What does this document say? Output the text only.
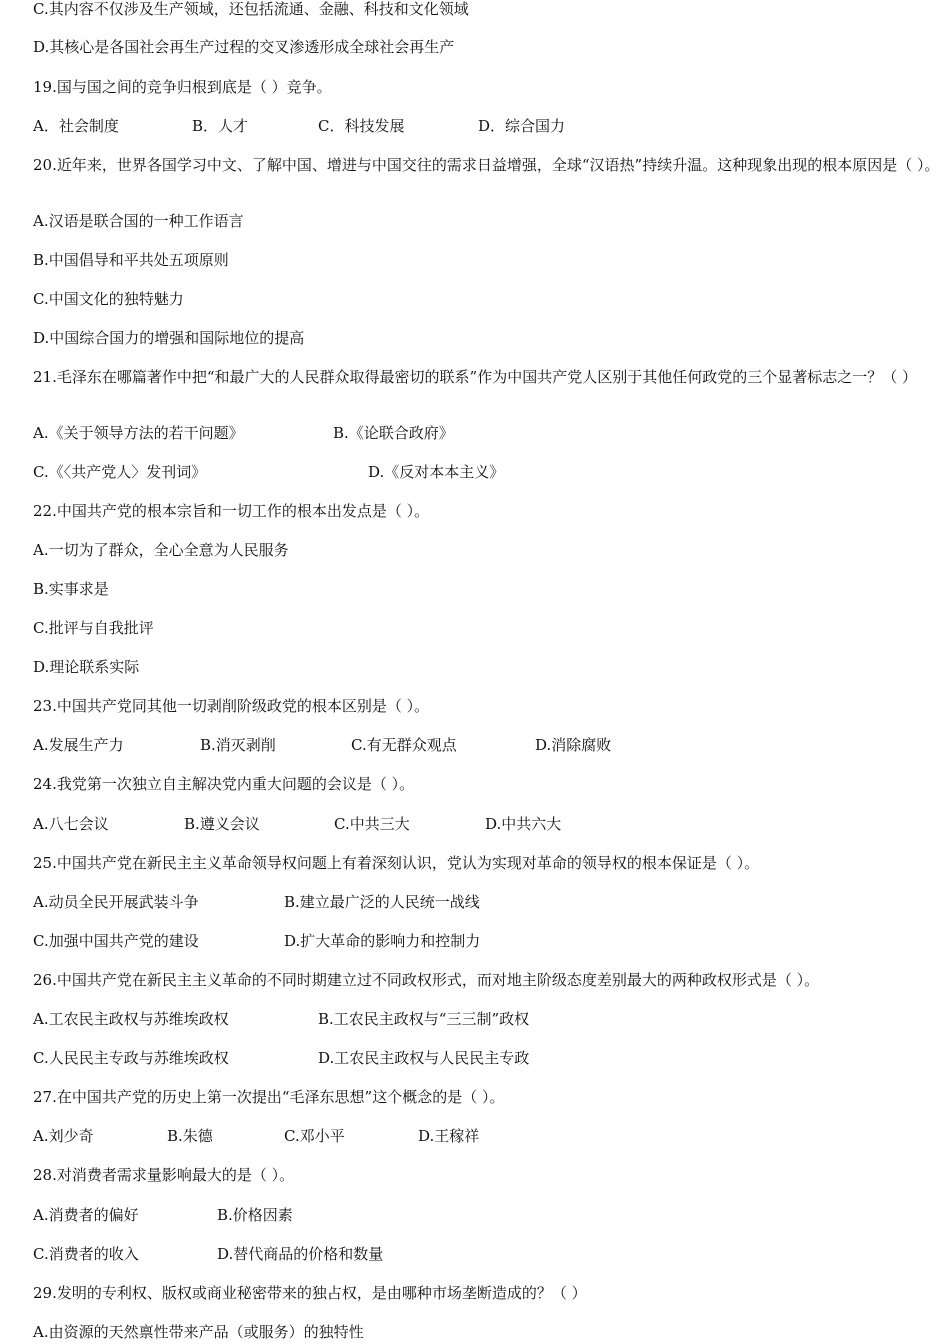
C.其内容不仅涉及生产领域，还包括流通、金融、科技和文化领域
D.其核心是各国社会再生产过程的交叉渗透形成全球社会再生产
19.国与国之间的竞争归根到底是（ ）竞争。
A．社会制度	B．人才	C．科技发展	D．综合国力
20.近年来，世界各国学习中文、了解中国、增进与中国交往的需求日益增强，全球“汉语热”持续升温。这种现象出现的根本原因是（ ）。
A.汉语是联合国的一种工作语言
B.中国倡导和平共处五项原则
C.中国文化的独特魅力
D.中国综合国力的增强和国际地位的提高
21.毛泽东在哪篇著作中把“和最广大的人民群众取得最密切的联系”作为中国共产党人区别于其他任何政党的三个显著标志之一？（ ）
A.《关于领导方法的若干问题》	B.《论联合政府》
C.《〈共产党人〉发刊词》	D.《反对本本主义》
22.中国共产党的根本宗旨和一切工作的根本出发点是（ ）。
A.一切为了群众，全心全意为人民服务
B.实事求是
C.批评与自我批评
D.理论联系实际
23.中国共产党同其他一切剥削阶级政党的根本区别是（ ）。
A.发展生产力	B.消灭剥削	C.有无群众观点	D.消除腐败
24.我党第一次独立自主解决党内重大问题的会议是（ ）。
A.八七会议	B.遵义会议	C.中共三大	D.中共六大
25.中国共产党在新民主主义革命领导权问题上有着深刻认识，党认为实现对革命的领导权的根本保证是（ ）。
A.动员全民开展武装斗争	B.建立最广泛的人民统一战线
C.加强中国共产党的建设	D.扩大革命的影响力和控制力
26.中国共产党在新民主主义革命的不同时期建立过不同政权形式，而对地主阶级态度差别最大的两种政权形式是（ ）。
A.工农民主政权与苏维埃政权	B.工农民主政权与“三三制”政权
C.人民民主专政与苏维埃政权	D.工农民主政权与人民民主专政
27.在中国共产党的历史上第一次提出“毛泽东思想”这个概念的是（ ）。
A.刘少奇	B.朱德	C.邓小平	D.王稼祥
28.对消费者需求量影响最大的是（ ）。
A.消费者的偏好	B.价格因素
C.消费者的收入	D.替代商品的价格和数量
29.发明的专利权、版权或商业秘密带来的独占权，是由哪种市场垄断造成的？（ ）
A.由资源的天然禀性带来产品（或服务）的独特性
